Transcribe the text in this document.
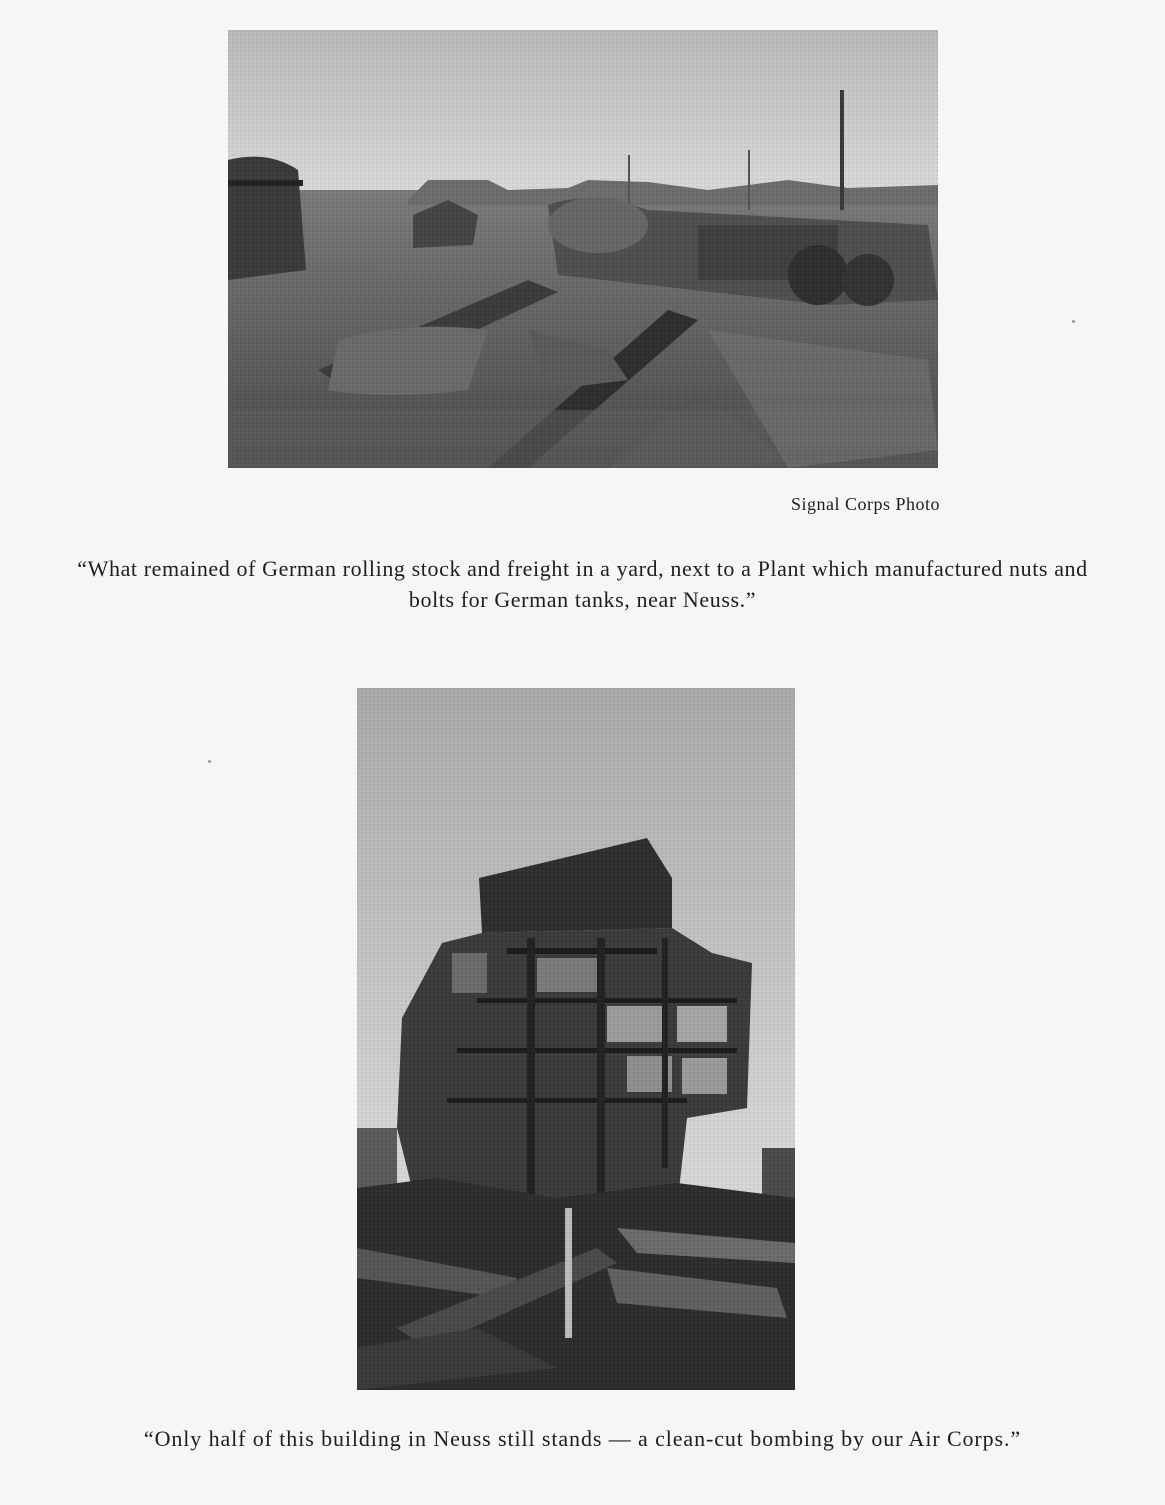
Signal Corps Photo
“What remained of German rolling stock and freight in a yard, next to a Plant which manufactured nuts and bolts for German tanks, near Neuss.”
“Only half of this building in Neuss still stands — a clean-cut bombing by our Air Corps.”
